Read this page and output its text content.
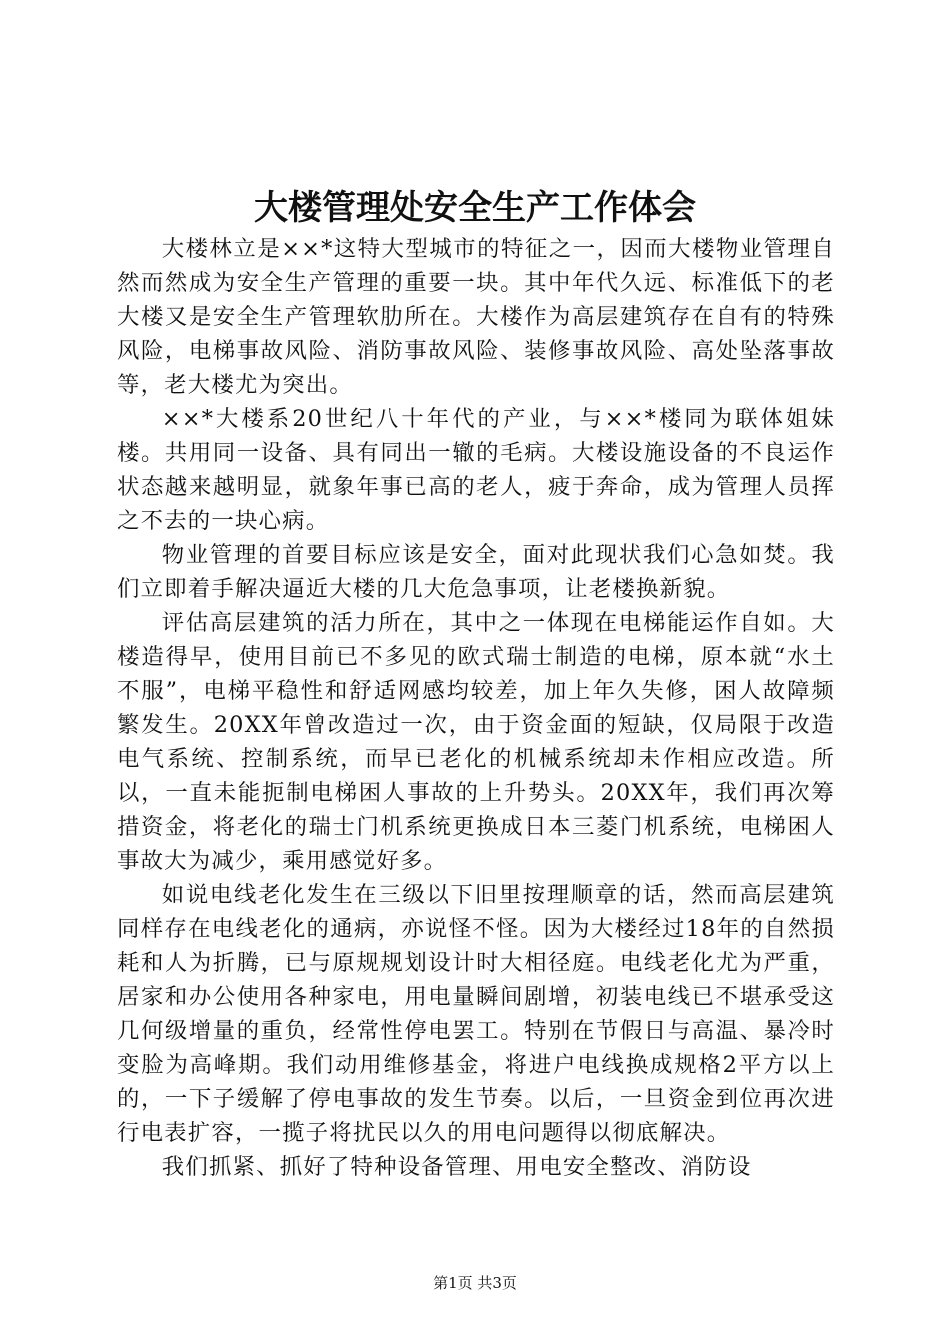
大楼管理处安全生产工作体会

大楼林立是××*这特大型城市的特征之一，因而大楼物业管理自然而然成为安全生产管理的重要一块。其中年代久远、标准低下的老大楼又是安全生产管理软肋所在。大楼作为高层建筑存在自有的特殊风险，电梯事故风险、消防事故风险、装修事故风险、高处坠落事故等，老大楼尤为突出。

××*大楼系20世纪八十年代的产业，与××*楼同为联体姐妹楼。共用同一设备、具有同出一辙的毛病。大楼设施设备的不良运作状态越来越明显，就象年事已高的老人，疲于奔命，成为管理人员挥之不去的一块心病。

物业管理的首要目标应该是安全，面对此现状我们心急如焚。我们立即着手解决逼近大楼的几大危急事项，让老楼换新貌。

评估高层建筑的活力所在，其中之一体现在电梯能运作自如。大楼造得早，使用目前已不多见的欧式瑞士制造的电梯，原本就“水土不服”，电梯平稳性和舒适网感均较差，加上年久失修，困人故障频繁发生。20XX年曾改造过一次，由于资金面的短缺，仅局限于改造电气系统、控制系统，而早已老化的机械系统却未作相应改造。所以，一直未能扼制电梯困人事故的上升势头。20XX年，我们再次筹措资金，将老化的瑞士门机系统更换成日本三菱门机系统，电梯困人事故大为减少，乘用感觉好多。

如说电线老化发生在三级以下旧里按理顺章的话，然而高层建筑同样存在电线老化的通病，亦说怪不怪。因为大楼经过18年的自然损耗和人为折腾，已与原规规划设计时大相径庭。电线老化尤为严重，居家和办公使用各种家电，用电量瞬间剧增，初装电线已不堪承受这几何级增量的重负，经常性停电罢工。特别在节假日与高温、暴冷时变脸为高峰期。我们动用维修基金，将进户电线换成规格2平方以上的，一下子缓解了停电事故的发生节奏。以后，一旦资金到位再次进行电表扩容，一揽子将扰民以久的用电问题得以彻底解决。

我们抓紧、抓好了特种设备管理、用电安全整改、消防设

第1页 共3页
